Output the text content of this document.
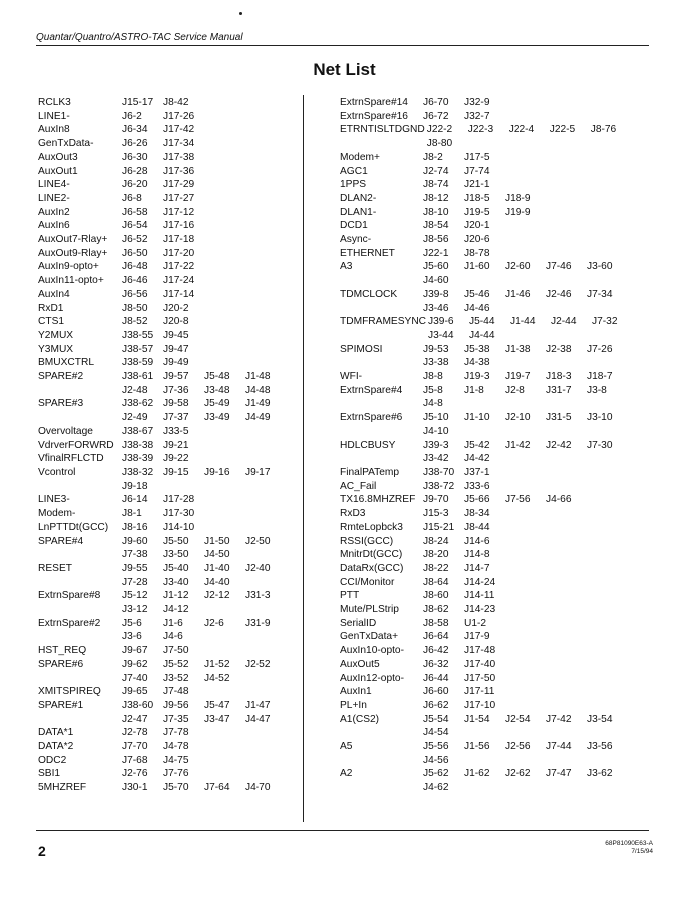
Quantar/Quantro/ASTRO-TAC Service Manual
Net List
RCLK3	J15-17 J8-42
LINE1-	J6-2	J17-26
AuxIn8	J6-34	J17-42
GenTxData-	J6-26	J17-34
AuxOut3	J6-30	J17-38
AuxOut1	J6-28	J17-36
LINE4-	J6-20	J17-29
LINE2-	J6-8	J17-27
AuxIn2	J6-58	J17-12
AuxIn6	J6-54	J17-16
AuxOut7-Rlay+	J6-52	J17-18
AuxOut9-Rlay+	J6-50	J17-20
AuxIn9-opto+	J6-48	J17-22
AuxIn11-opto+	J6-46	J17-24
AuxIn4	J6-56	J17-14
RxD1	J8-50	J20-2
CTS1	J8-52	J20-8
Y2MUX	J38-55 J9-45
Y3MUX	J38-57 J9-47
BMUXCTRL	J38-59 J9-49
SPARE#2	J38-61 J9-57	J5-48	J1-48
J2-48	J7-36	J3-48	J4-48
SPARE#3	J38-62 J9-58	J5-49	J1-49
J2-49	J7-37	J3-49	J4-49
Overvoltage	J38-67 J33-5
VdrverFORWRD J38-38 J9-21
VfinalRFLCTD	J38-39 J9-22
Vcontrol	J38-32 J9-15	J9-16	J9-17
J9-18
LINE3-	J6-14	J17-28
Modem-	J8-1	J17-30
LnPTTDt(GCC)	J8-16	J14-10
SPARE#4	J9-60	J5-50	J1-50	J2-50
J7-38	J3-50	J4-50
RESET	J9-55	J5-40	J1-40	J2-40
J7-28	J3-40	J4-40
ExtrnSpare#8	J5-12	J1-12	J2-12	J31-3
J3-12	J4-12
ExtrnSpare#2	J5-6	J1-6	J2-6	J31-9
J3-6	J4-6
HST_REQ	J9-67	J7-50
SPARE#6	J9-62	J5-52	J1-52	J2-52
J7-40	J3-52	J4-52
XMITSPIREQ	J9-65	J7-48
SPARE#1	J38-60 J9-56	J5-47	J1-47
J2-47	J7-35	J3-47	J4-47
DATA*1	J2-78	J7-78
DATA*2	J7-70	J4-78
ODC2	J7-68	J4-75
SBI1	J2-76	J7-76
5MHZREF	J30-1	J5-70	J7-64	J4-70
ExtrnSpare#14	J6-70	J32-9
ExtrnSpare#16	J6-72	J32-7
ETRNTISLTDGND J22-2	J22-3	J22-4	J22-5	J8-76
J8-80
Modem+	J8-2	J17-5
AGC1	J2-74	J7-74
1PPS	J8-74	J21-1
DLAN2-	J8-12	J18-5	J18-9
DLAN1-	J8-10	J19-5	J19-9
DCD1	J8-54	J20-1
Async-	J8-56	J20-6
ETHERNET	J22-1	J8-78
A3	J5-60	J1-60	J2-60	J7-46	J3-60
J4-60
TDMCLOCK	J39-8	J5-46	J1-46	J2-46	J7-34
J3-46	J4-46
TDMFRAMESYNC J39-6	J5-44	J1-44	J2-44	J7-32
J3-44	J4-44
SPIMOSI	J9-53	J5-38	J1-38	J2-38	J7-26
J3-38	J4-38
WFI-	J8-8	J19-3	J19-7	J18-3	J18-7
ExtrnSpare#4	J5-8	J1-8	J2-8	J31-7	J3-8
J4-8
ExtrnSpare#6	J5-10	J1-10	J2-10	J31-5	J3-10
J4-10
HDLCBUSY	J39-3	J5-42	J1-42	J2-42	J7-30
J3-42	J4-42
FinalPATemp	J38-70 J37-1
AC_Fail	J38-72 J33-6
TX16.8MHZREF J9-70	J5-66	J7-56	J4-66
RxD3	J15-3	J8-34
RmteLopbck3	J15-21 J8-44
RSSI(GCC)	J8-24	J14-6
MnitrDt(GCC)	J8-20	J14-8
DataRx(GCC)	J8-22	J14-7
CCI/Monitor	J8-64	J14-24
PTT	J8-60	J14-11
Mute/PLStrip	J8-62	J14-23
SerialID	J8-58	U1-2
GenTxData+	J6-64	J17-9
AuxIn10-opto-	J6-42	J17-48
AuxOut5	J6-32	J17-40
AuxIn12-opto-	J6-44	J17-50
AuxIn1	J6-60	J17-11
PL+In	J6-62	J17-10
A1(CS2)	J5-54	J1-54	J2-54	J7-42	J3-54
J4-54
A5	J5-56	J1-56	J2-56	J7-44	J3-56
J4-56
A2	J5-62	J1-62	J2-62	J7-47	J3-62
J4-62
2	68P81090E63-A
7/15/94
